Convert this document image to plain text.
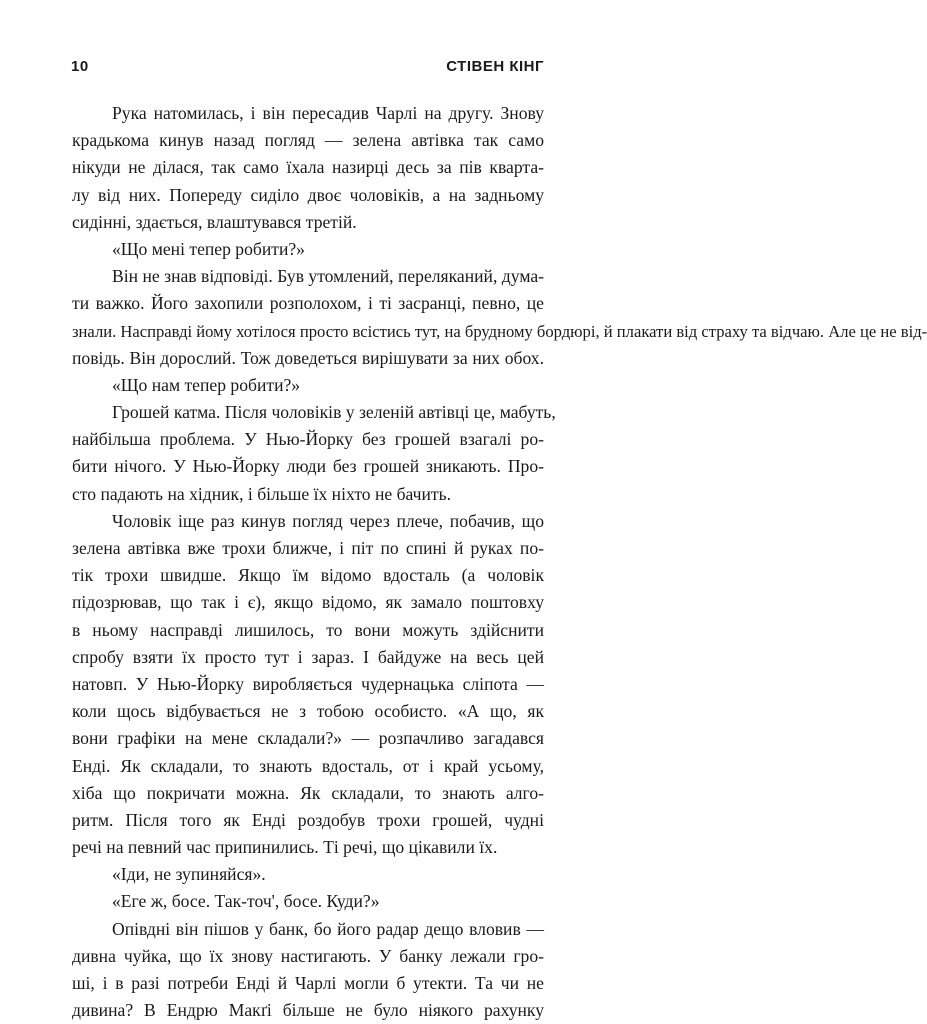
10	СТІВЕН КІНГ
Рука натомилась, і він пересадив Чарлі на другу. Знову
крадькома кинув назад погляд — зелена автівка так само
нікуди не ділася, так само їхала назирці десь за пів кварта-
лу від них. Попереду сиділо двоє чоловіків, а на задньому
сидінні, здається, влаштувався третій.
«Що мені тепер робити?»
Він не знав відповіді. Був утомлений, переляканий, дума-
ти важко. Його захопили розполохом, і ті засранці, певно, це
знали. Насправді йому хотілося просто всістись тут, на брудному бордюрі, й плакати від страху та відчаю. Але це не від-
повідь. Він дорослий. Тож доведеться вирішувати за них обох.
«Що нам тепер робити?»
Грошей катма. Після чоловіків у зеленій автівці це, мабуть,
найбільша проблема. У Нью-Йорку без грошей взагалі ро-
бити нічого. У Нью-Йорку люди без грошей зникають. Про-
сто падають на хідник, і більше їх ніхто не бачить.
Чоловік іще раз кинув погляд через плече, побачив, що
зелена автівка вже трохи ближче, і піт по спині й руках по-
тік трохи швидше. Якщо їм відомо вдосталь (а чоловік
підозрював, що так і є), якщо відомо, як замало поштовху
в ньому насправді лишилось, то вони можуть здійснити
спробу взяти їх просто тут і зараз. І байдуже на весь цей
натовп. У Нью-Йорку виробляється чудернацька сліпота —
коли щось відбувається не з тобою особисто. «А що, як
вони графіки на мене складали?» — розпачливо загадався
Енді. Як складали, то знають вдосталь, от і край усьому,
хіба що покричати можна. Як складали, то знають алго-
ритм. Після того як Енді роздобув трохи грошей, чудні
речі на певний час припинились. Ті речі, що цікавили їх.
«Іди, не зупиняйся».
«Еге ж, босе. Так-точ', босе. Куди?»
Опівдні він пішов у банк, бо його радар дещо вловив —
дивна чуйка, що їх знову настигають. У банку лежали гро-
ші, і в разі потреби Енді й Чарлі могли б утекти. Та чи не
дивина? В Ендрю Макґі більше не було ніякого рахунку
